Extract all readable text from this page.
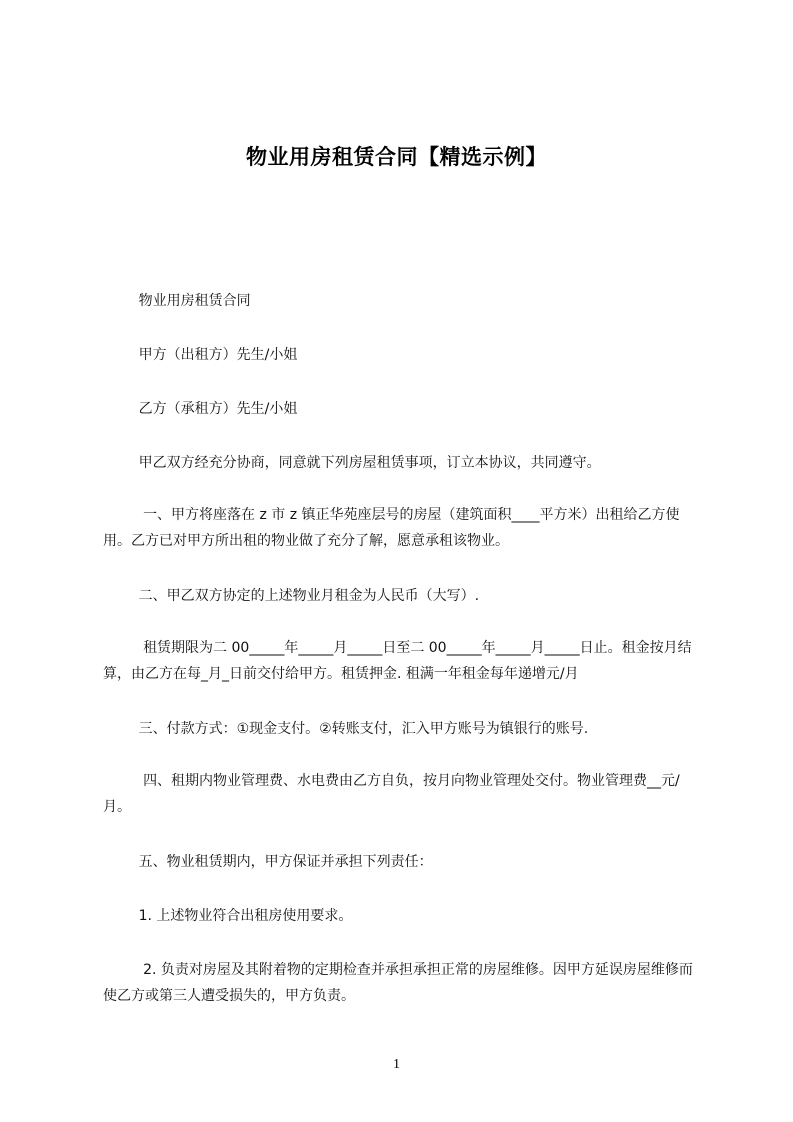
物业用房租赁合同【精选示例】
物业用房租赁合同
甲方（出租方）先生/小姐
乙方（承租方）先生/小姐
甲乙双方经充分协商，同意就下列房屋租赁事项，订立本协议，共同遵守。
一、甲方将座落在 z 市 z 镇正华苑座层号的房屋（建筑面积____平方米）出租给乙方使用。乙方已对甲方所出租的物业做了充分了解，愿意承租该物业。
二、甲乙双方协定的上述物业月租金为人民币（大写）.
租赁期限为二 00_____年_____月_____日至二 00_____年_____月_____日止。租金按月结算，由乙方在每_月_日前交付给甲方。租赁押金. 租满一年租金每年递增元/月
三、付款方式：①现金支付。②转账支付，汇入甲方账号为镇银行的账号.
四、租期内物业管理费、水电费由乙方自负，按月向物业管理处交付。物业管理费__元/月。
五、物业租赁期内，甲方保证并承担下列责任：
1. 上述物业符合出租房使用要求。
2. 负责对房屋及其附着物的定期检查并承担承担正常的房屋维修。因甲方延误房屋维修而使乙方或第三人遭受损失的，甲方负责。
1
